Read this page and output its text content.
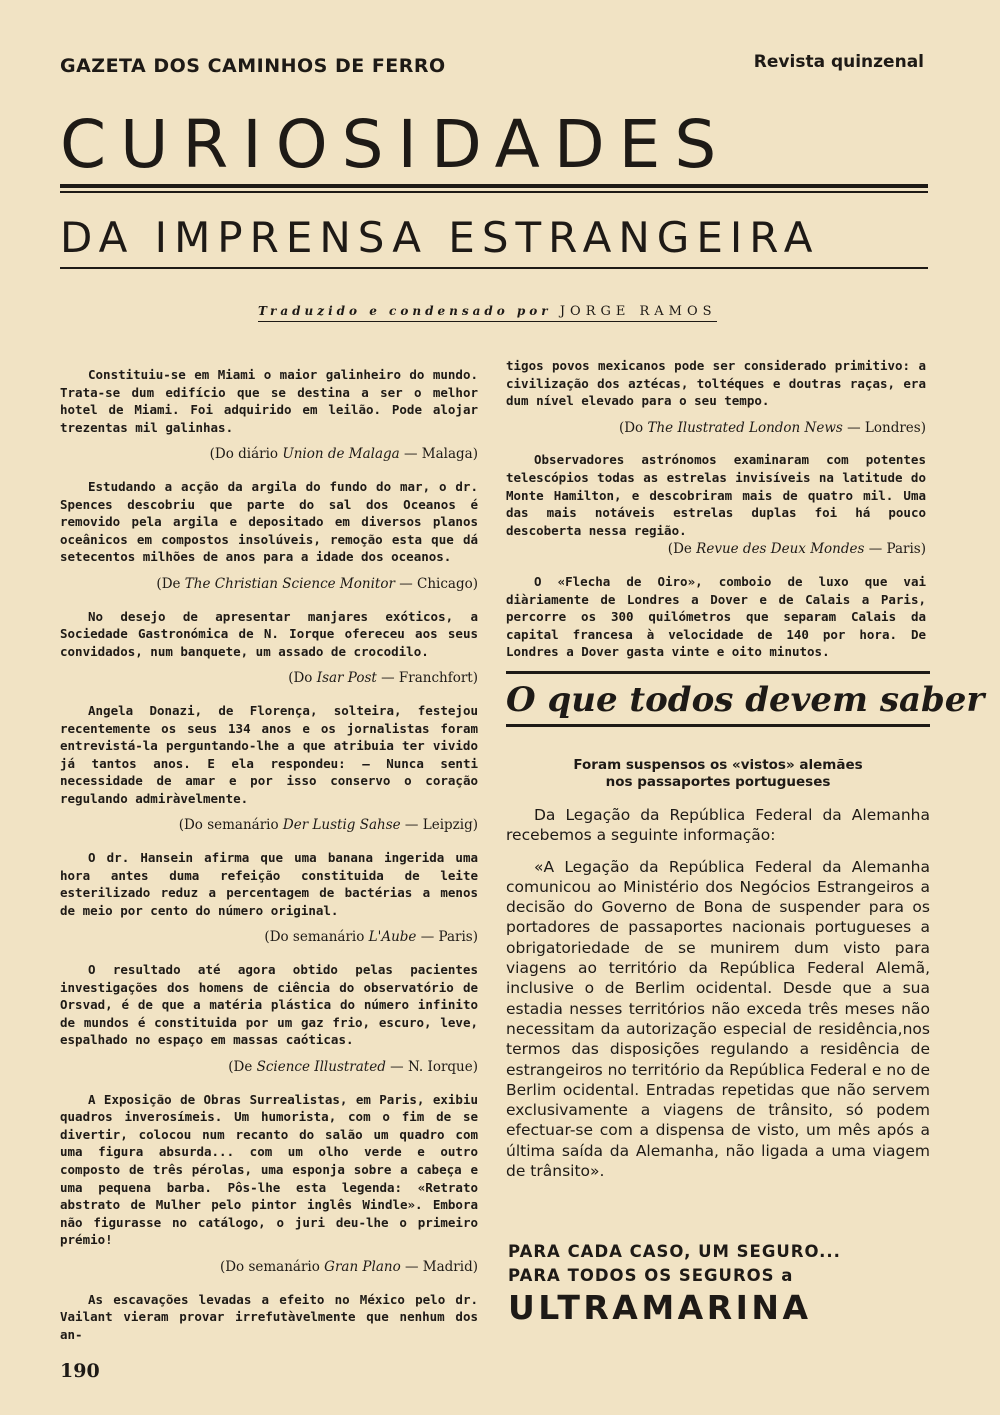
GAZETA DOS CAMINHOS DE FERRO	Revista quinzenal
CURIOSIDADES
DA IMPRENSA ESTRANGEIRA
Traduzido e condensado por JORGE RAMOS

Constituiu-se em Miami o maior galinheiro do mundo. Trata-se dum edifício que se destina a ser o melhor hotel de Miami. Foi adquirido em leilão. Pode alojar trezentas mil galinhas.

(Do diário Union de Malaga — Malaga)

Estudando a acção da argila do fundo do mar, o dr. Spences descobriu que parte do sal dos Oceanos é removido pela argila e depositado em diversos planos oceânicos em compostos insolúveis, remoção esta que dá setecentos milhões de anos para a idade dos oceanos.

(De The Christian Science Monitor — Chicago)

No desejo de apresentar manjares exóticos, a Sociedade Gastronómica de N. Iorque ofereceu aos seus convidados, num banquete, um assado de crocodilo.

(Do Isar Post — Franchfort)

Angela Donazi, de Florença, solteira, festejou recentemente os seus 134 anos e os jornalistas foram entrevistá-la perguntando-lhe a que atribuia ter vivido já tantos anos. E ela respondeu: — Nunca senti necessidade de amar e por isso conservo o coração regulando admiràvelmente.

(Do semanário Der Lustig Sahse — Leipzig)

O dr. Hansein afirma que uma banana ingerida uma hora antes duma refeição constituida de leite esterilizado reduz a percentagem de bactérias a menos de meio por cento do número original.

(Do semanário L'Aube — Paris)

O resultado até agora obtido pelas pacientes investigações dos homens de ciência do observatório de Orsvad, é de que a matéria plástica do número infinito de mundos é constituida por um gaz frio, escuro, leve, espalhado no espaço em massas caóticas.

(De Science Illustrated — N. Iorque)

A Exposição de Obras Surrealistas, em Paris, exibiu quadros inverosímeis. Um humorista, com o fim de se divertir, colocou num recanto do salão um quadro com uma figura absurda... com um olho verde e outro composto de três pérolas, uma esponja sobre a cabeça e uma pequena barba. Pôs-lhe esta legenda: «Retrato abstrato de Mulher pelo pintor inglês Windle». Embora não figurasse no catálogo, o juri deu-lhe o primeiro prémio!

(Do semanário Gran Plano — Madrid)

As escavações levadas a efeito no México pelo dr. Vailant vieram provar irrefutàvelmente que nenhum dos an-

tigos povos mexicanos pode ser considerado primitivo: a civilização dos aztécas, toltéques e doutras raças, era dum nível elevado para o seu tempo.

(Do The Ilustrated London News — Londres)

Observadores astrónomos examinaram com potentes telescópios todas as estrelas invisíveis na latitude do Monte Hamilton, e descobriram mais de quatro mil. Uma das mais notáveis estrelas duplas foi há pouco descoberta nessa região.

(De Revue des Deux Mondes — Paris)

O «Flecha de Oiro», comboio de luxo que vai diàriamente de Londres a Dover e de Calais a Paris, percorre os 300 quilómetros que separam Calais da capital francesa à velocidade de 140 por hora. De Londres a Dover gasta vinte e oito minutos.

O que todos devem saber
Foram suspensos os «vistos» alemães
nos passaportes portugueses

Da Legação da República Federal da Alemanha recebemos a seguinte informação:

«A Legação da República Federal da Alemanha comunicou ao Ministério dos Negócios Estrangeiros a decisão do Governo de Bona de suspender para os portadores de passaportes nacionais portugueses a obrigatoriedade de se munirem dum visto para viagens ao território da República Federal Alemã, inclusive o de Berlim ocidental. Desde que a sua estadia nesses territórios não exceda três meses não necessitam da autorização especial de residência,nos termos das disposições regulando a residência de estrangeiros no território da República Federal e no de Berlim ocidental. Entradas repetidas que não servem exclusivamente a viagens de trânsito, só podem efectuar-se com a dispensa de visto, um mês após a última saída da Alemanha, não ligada a uma viagem de trânsito».

PARA CADA CASO, UM SEGURO...
PARA TODOS OS SEGUROS a
ULTRAMARINA
190
